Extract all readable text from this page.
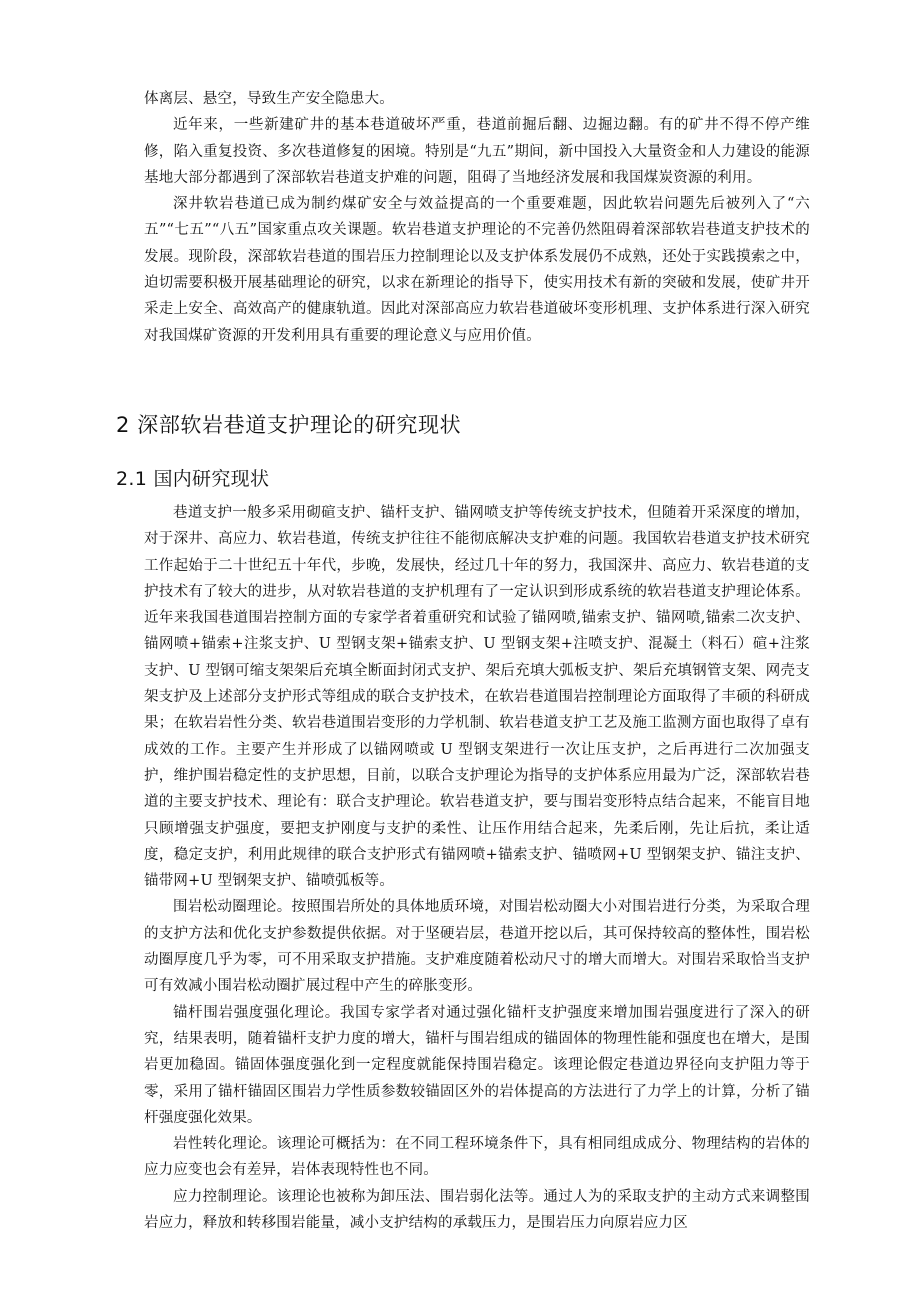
体离层、悬空，导致生产安全隐患大。

近年来，一些新建矿井的基本巷道破坏严重，巷道前掘后翻、边掘边翻。有的矿井不得不停产维修，陷入重复投资、多次巷道修复的困境。特别是“九五”期间，新中国投入大量资金和人力建设的能源基地大部分都遇到了深部软岩巷道支护难的问题，阻碍了当地经济发展和我国煤炭资源的利用。

深井软岩巷道已成为制约煤矿安全与效益提高的一个重要难题，因此软岩问题先后被列入了“六五”“七五”“八五”国家重点攻关课题。软岩巷道支护理论的不完善仍然阻碍着深部软岩巷道支护技术的发展。现阶段，深部软岩巷道的围岩压力控制理论以及支护体系发展仍不成熟，还处于实践摸索之中，迫切需要积极开展基础理论的研究，以求在新理论的指导下，使实用技术有新的突破和发展，使矿井开采走上安全、高效高产的健康轨道。因此对深部高应力软岩巷道破坏变形机理、支护体系进行深入研究对我国煤矿资源的开发利用具有重要的理论意义与应用价值。

2 深部软岩巷道支护理论的研究现状
2.1 国内研究现状

巷道支护一般多采用砌碹支护、锚杆支护、锚网喷支护等传统支护技术，但随着开采深度的增加，对于深井、高应力、软岩巷道，传统支护往往不能彻底解决支护难的问题。我国软岩巷道支护技术研究工作起始于二十世纪五十年代，步晚，发展快，经过几十年的努力，我国深井、高应力、软岩巷道的支护技术有了较大的进步，从对软岩巷道的支护机理有了一定认识到形成系统的软岩巷道支护理论体系。近年来我国巷道围岩控制方面的专家学者着重研究和试验了锚网喷,锚索支护、锚网喷,锚索二次支护、锚网喷+锚索+注浆支护、U 型钢支架+锚索支护、U 型钢支架+注喷支护、混凝土（料石）碹+注浆支护、U 型钢可缩支架架后充填全断面封闭式支护、架后充填大弧板支护、架后充填钢管支架、网壳支架支护及上述部分支护形式等组成的联合支护技术，在软岩巷道围岩控制理论方面取得了丰硕的科研成果；在软岩岩性分类、软岩巷道围岩变形的力学机制、软岩巷道支护工艺及施工监测方面也取得了卓有成效的工作。主要产生并形成了以锚网喷或 U 型钢支架进行一次让压支护，之后再进行二次加强支护，维护围岩稳定性的支护思想，目前，以联合支护理论为指导的支护体系应用最为广泛，深部软岩巷道的主要支护技术、理论有：联合支护理论。软岩巷道支护，要与围岩变形特点结合起来，不能盲目地只顾增强支护强度，要把支护刚度与支护的柔性、让压作用结合起来，先柔后刚，先让后抗，柔让适度，稳定支护，利用此规律的联合支护形式有锚网喷+锚索支护、锚喷网+U 型钢架支护、锚注支护、锚带网+U 型钢架支护、锚喷弧板等。

围岩松动圈理论。按照围岩所处的具体地质环境，对围岩松动圈大小对围岩进行分类，为采取合理的支护方法和优化支护参数提供依据。对于坚硬岩层，巷道开挖以后，其可保持较高的整体性，围岩松动圈厚度几乎为零，可不用采取支护措施。支护难度随着松动尺寸的增大而增大。对围岩采取恰当支护可有效减小围岩松动圈扩展过程中产生的碎胀变形。

锚杆围岩强度强化理论。我国专家学者对通过强化锚杆支护强度来增加围岩强度进行了深入的研究，结果表明，随着锚杆支护力度的增大，锚杆与围岩组成的锚固体的物理性能和强度也在增大，是围岩更加稳固。锚固体强度强化到一定程度就能保持围岩稳定。该理论假定巷道边界径向支护阻力等于零，采用了锚杆锚固区围岩力学性质参数较锚固区外的岩体提高的方法进行了力学上的计算，分析了锚杆强度强化效果。

岩性转化理论。该理论可概括为：在不同工程环境条件下，具有相同组成成分、物理结构的岩体的应力应变也会有差异，岩体表现特性也不同。

应力控制理论。该理论也被称为卸压法、围岩弱化法等。通过人为的采取支护的主动方式来调整围岩应力，释放和转移围岩能量，减小支护结构的承载压力，是围岩压力向原岩应力区
